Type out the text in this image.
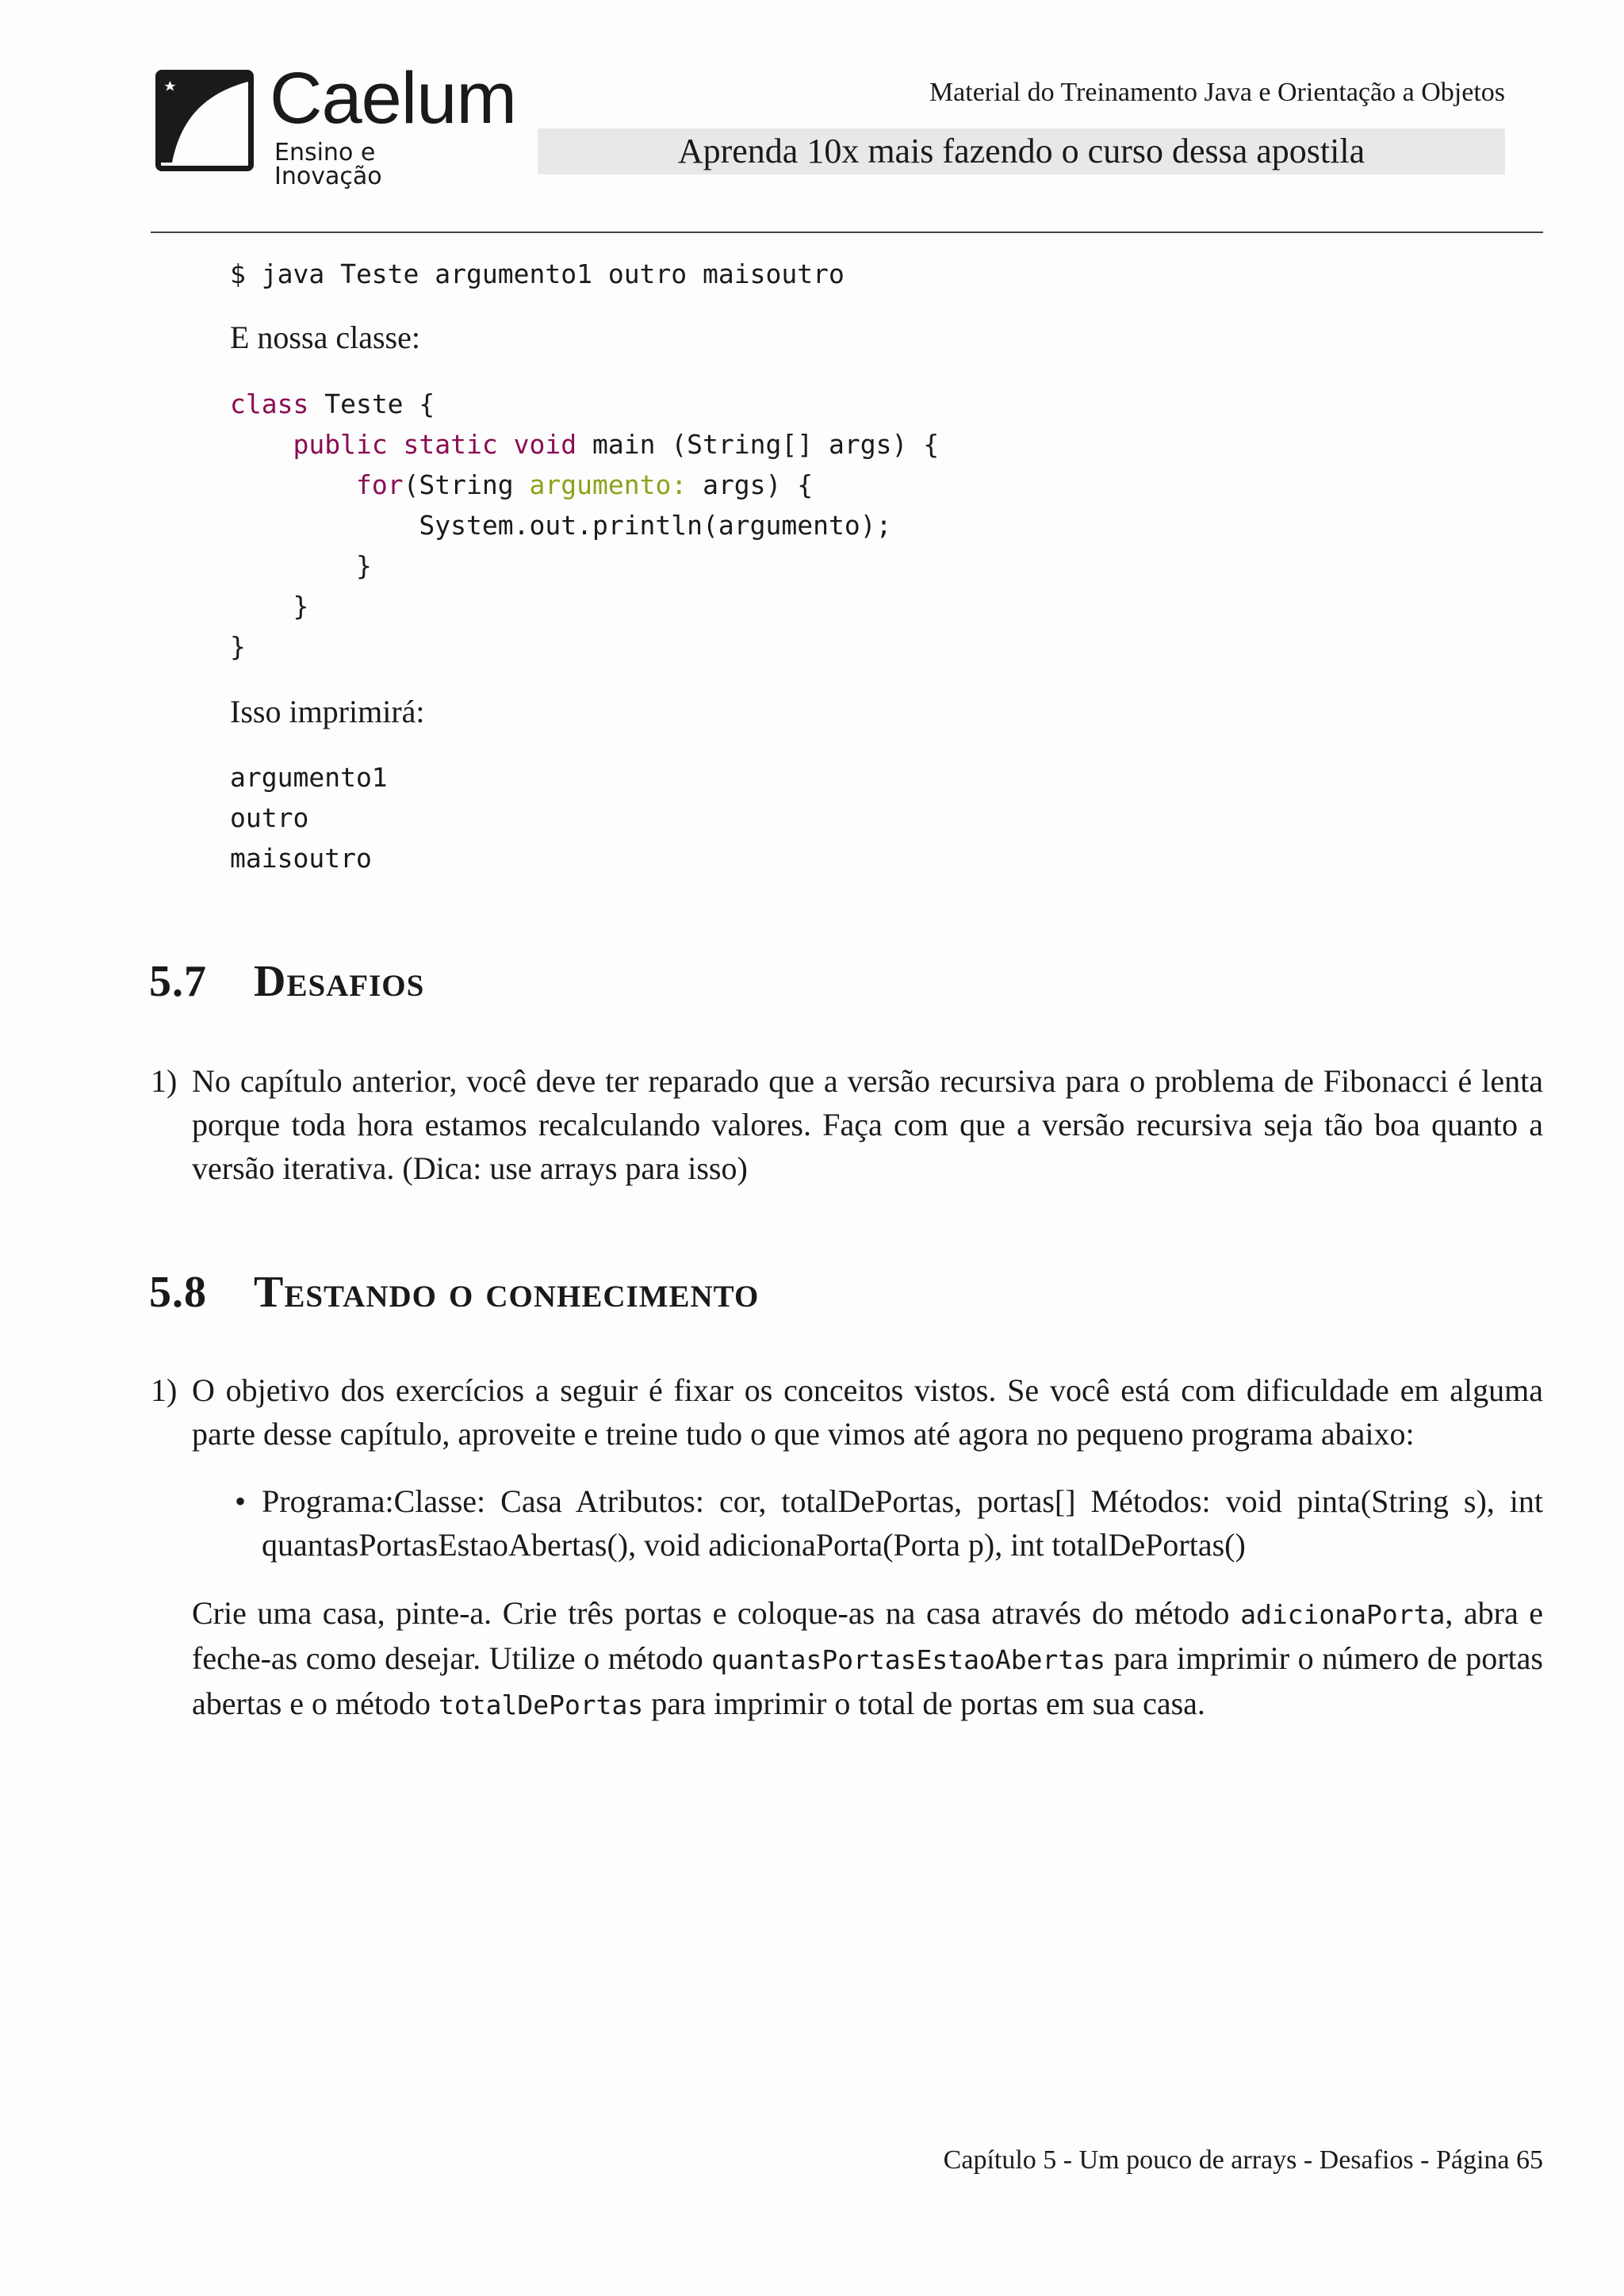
Caelum
Ensino e Inovação
Material do Treinamento Java e Orientação a Objetos
Aprenda 10x mais fazendo o curso dessa apostila
$ java Teste argumento1 outro maisoutro
E nossa classe:
class Teste {
public static void main (String[] args) {
for(String argumento: args) {
System.out.println(argumento);
}
}
}
Isso imprimirá:
argumento1
outro
maisoutro
5.7 Desafios
1) No capítulo anterior, você deve ter reparado que a versão recursiva para o problema de Fibonacci é lenta porque toda hora estamos recalculando valores. Faça com que a versão recursiva seja tão boa quanto a versão iterativa. (Dica: use arrays para isso)
5.8 Testando o conhecimento
1) O objetivo dos exercícios a seguir é fixar os conceitos vistos. Se você está com dificuldade em alguma parte desse capítulo, aproveite e treine tudo o que vimos até agora no pequeno programa abaixo:
• Programa:Classe: Casa Atributos: cor, totalDePortas, portas[] Métodos: void pinta(String s), int quantasPortasEstaoAbertas(), void adicionaPorta(Porta p), int totalDePortas()
Crie uma casa, pinte-a. Crie três portas e coloque-as na casa através do método adicionaPorta, abra e feche-as como desejar. Utilize o método quantasPortasEstaoAbertas para imprimir o número de portas abertas e o método totalDePortas para imprimir o total de portas em sua casa.
Capítulo 5 - Um pouco de arrays - Desafios - Página 65
